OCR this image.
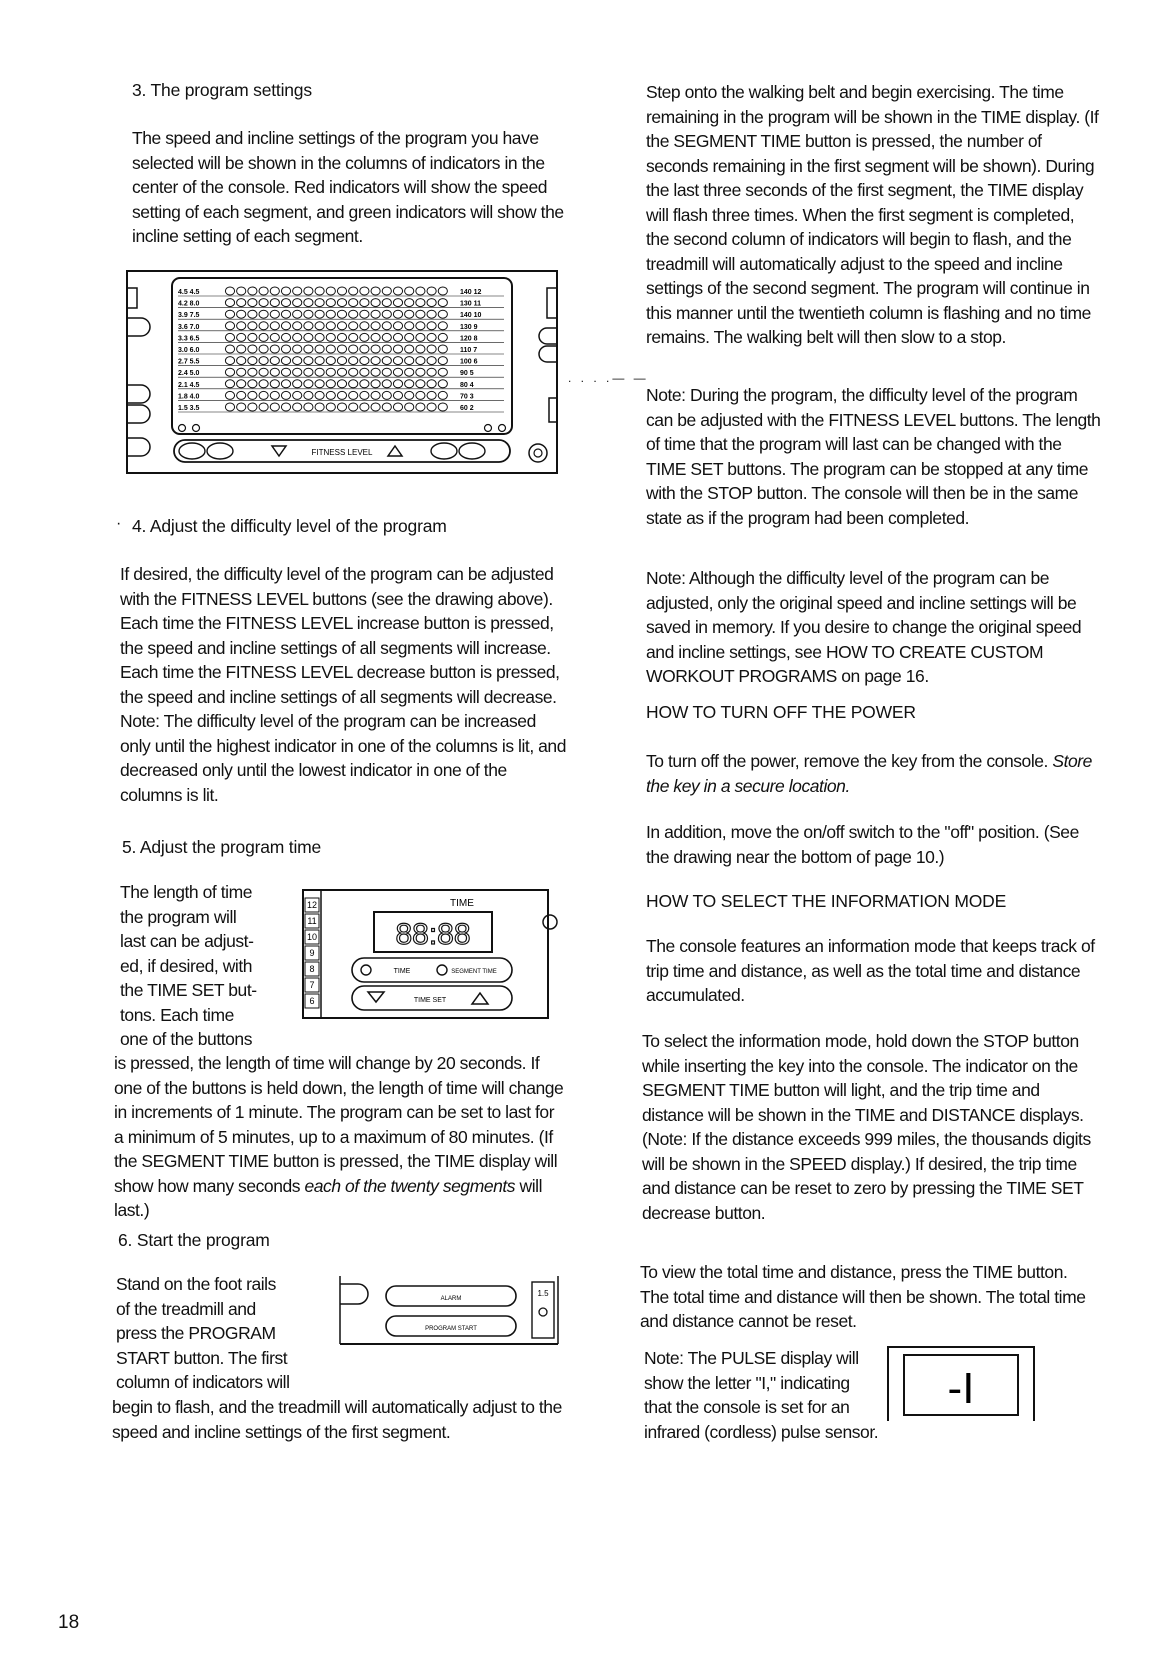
3. The program settings

The speed and incline settings of the program you have selected will be shown in the columns of indicators in the center of the console. Red indicators will show the speed setting of each segment, and green indicators will show the incline setting of each segment.

4.5 4.5	140 12
4.2 8.0	130 11
3.9 7.5	140 10
3.6 7.0	130 9
3.3 6.5	120 8
3.0 6.0	110 7
2.7 5.5	100 6
2.4 5.0	90 5
2.1 4.5	80 4
1.8 4.0	70 3
1.5 3.5	60 2
FITNESS LEVEL
· 4. Adjust the difficulty level of the program

If desired, the difficulty level of the program can be adjusted with the FITNESS LEVEL buttons (see the drawing above). Each time the FITNESS LEVEL increase button is pressed, the speed and incline settings of all segments will increase. Each time the FITNESS LEVEL decrease button is pressed, the speed and incline settings of all segments will decrease. Note: The difficulty level of the program can be increased only until the highest indicator in one of the columns is lit, and decreased only until the lowest indicator in one of the columns is lit.

5. Adjust the program time

The length of time

the program will

last can be adjust-

ed, if desired, with

the TIME SET but-

tons. Each time

one of the buttons

12
11
10
9
8
7
6
TIME
88:88
TIME	SEGMENT TIME
TIME SET

is pressed, the length of time will change by 20 seconds. If one of the buttons is held down, the length of time will change in increments of 1 minute. The program can be set to last for a minimum of 5 minutes, up to a maximum of 80 minutes. (If the SEGMENT TIME button is pressed, the TIME display will show how many seconds each of the twenty segments will last.)

6. Start the program

Stand on the foot rails

of the treadmill and

press the PROGRAM

START button. The first

column of indicators will

ALARM
PROGRAM START
1.5

begin to flash, and the treadmill will automatically adjust to the speed and incline settings of the first segment.

18

Step onto the walking belt and begin exercising. The time remaining in the program will be shown in the TIME display. (If the SEGMENT TIME button is pressed, the number of seconds remaining in the first segment will be shown). During the last three seconds of the first segment, the TIME display will flash three times. When the first segment is completed, the second column of indicators will begin to flash, and the treadmill will automatically adjust to the speed and incline settings of the second segment. The program will continue in this manner until the twentieth column is flashing and no time remains. The walking belt will then slow to a stop.

. . . .— —

Note: During the program, the difficulty level of the program can be adjusted with the FITNESS LEVEL buttons. The length of time that the program will last can be changed with the TIME SET buttons. The program can be stopped at any time with the STOP button. The console will then be in the same state as if the program had been completed.

Note: Although the difficulty level of the program can be adjusted, only the original speed and incline settings will be saved in memory. If you desire to change the original speed and incline settings, see HOW TO CREATE CUSTOM WORKOUT PROGRAMS on page 16.

HOW TO TURN OFF THE POWER

To turn off the power, remove the key from the console. Store the key in a secure location.

In addition, move the on/off switch to the "off" position. (See the drawing near the bottom of page 10.)

HOW TO SELECT THE INFORMATION MODE

The console features an information mode that keeps track of trip time and distance, as well as the total time and distance accumulated.

To select the information mode, hold down the STOP button while inserting the key into the console. The indicator on the SEGMENT TIME button will light, and the trip time and distance will be shown in the TIME and DISTANCE displays. (Note: If the distance exceeds 999 miles, the thousands digits will be shown in the SPEED display.) If desired, the trip time and distance can be reset to zero by pressing the TIME SET decrease button.

To view the total time and distance, press the TIME button. The total time and distance will then be shown. The total time and distance cannot be reset.

Note: The PULSE display will

show the letter "I," indicating

that the console is set for an

infrared (cordless) pulse sensor.

-I
